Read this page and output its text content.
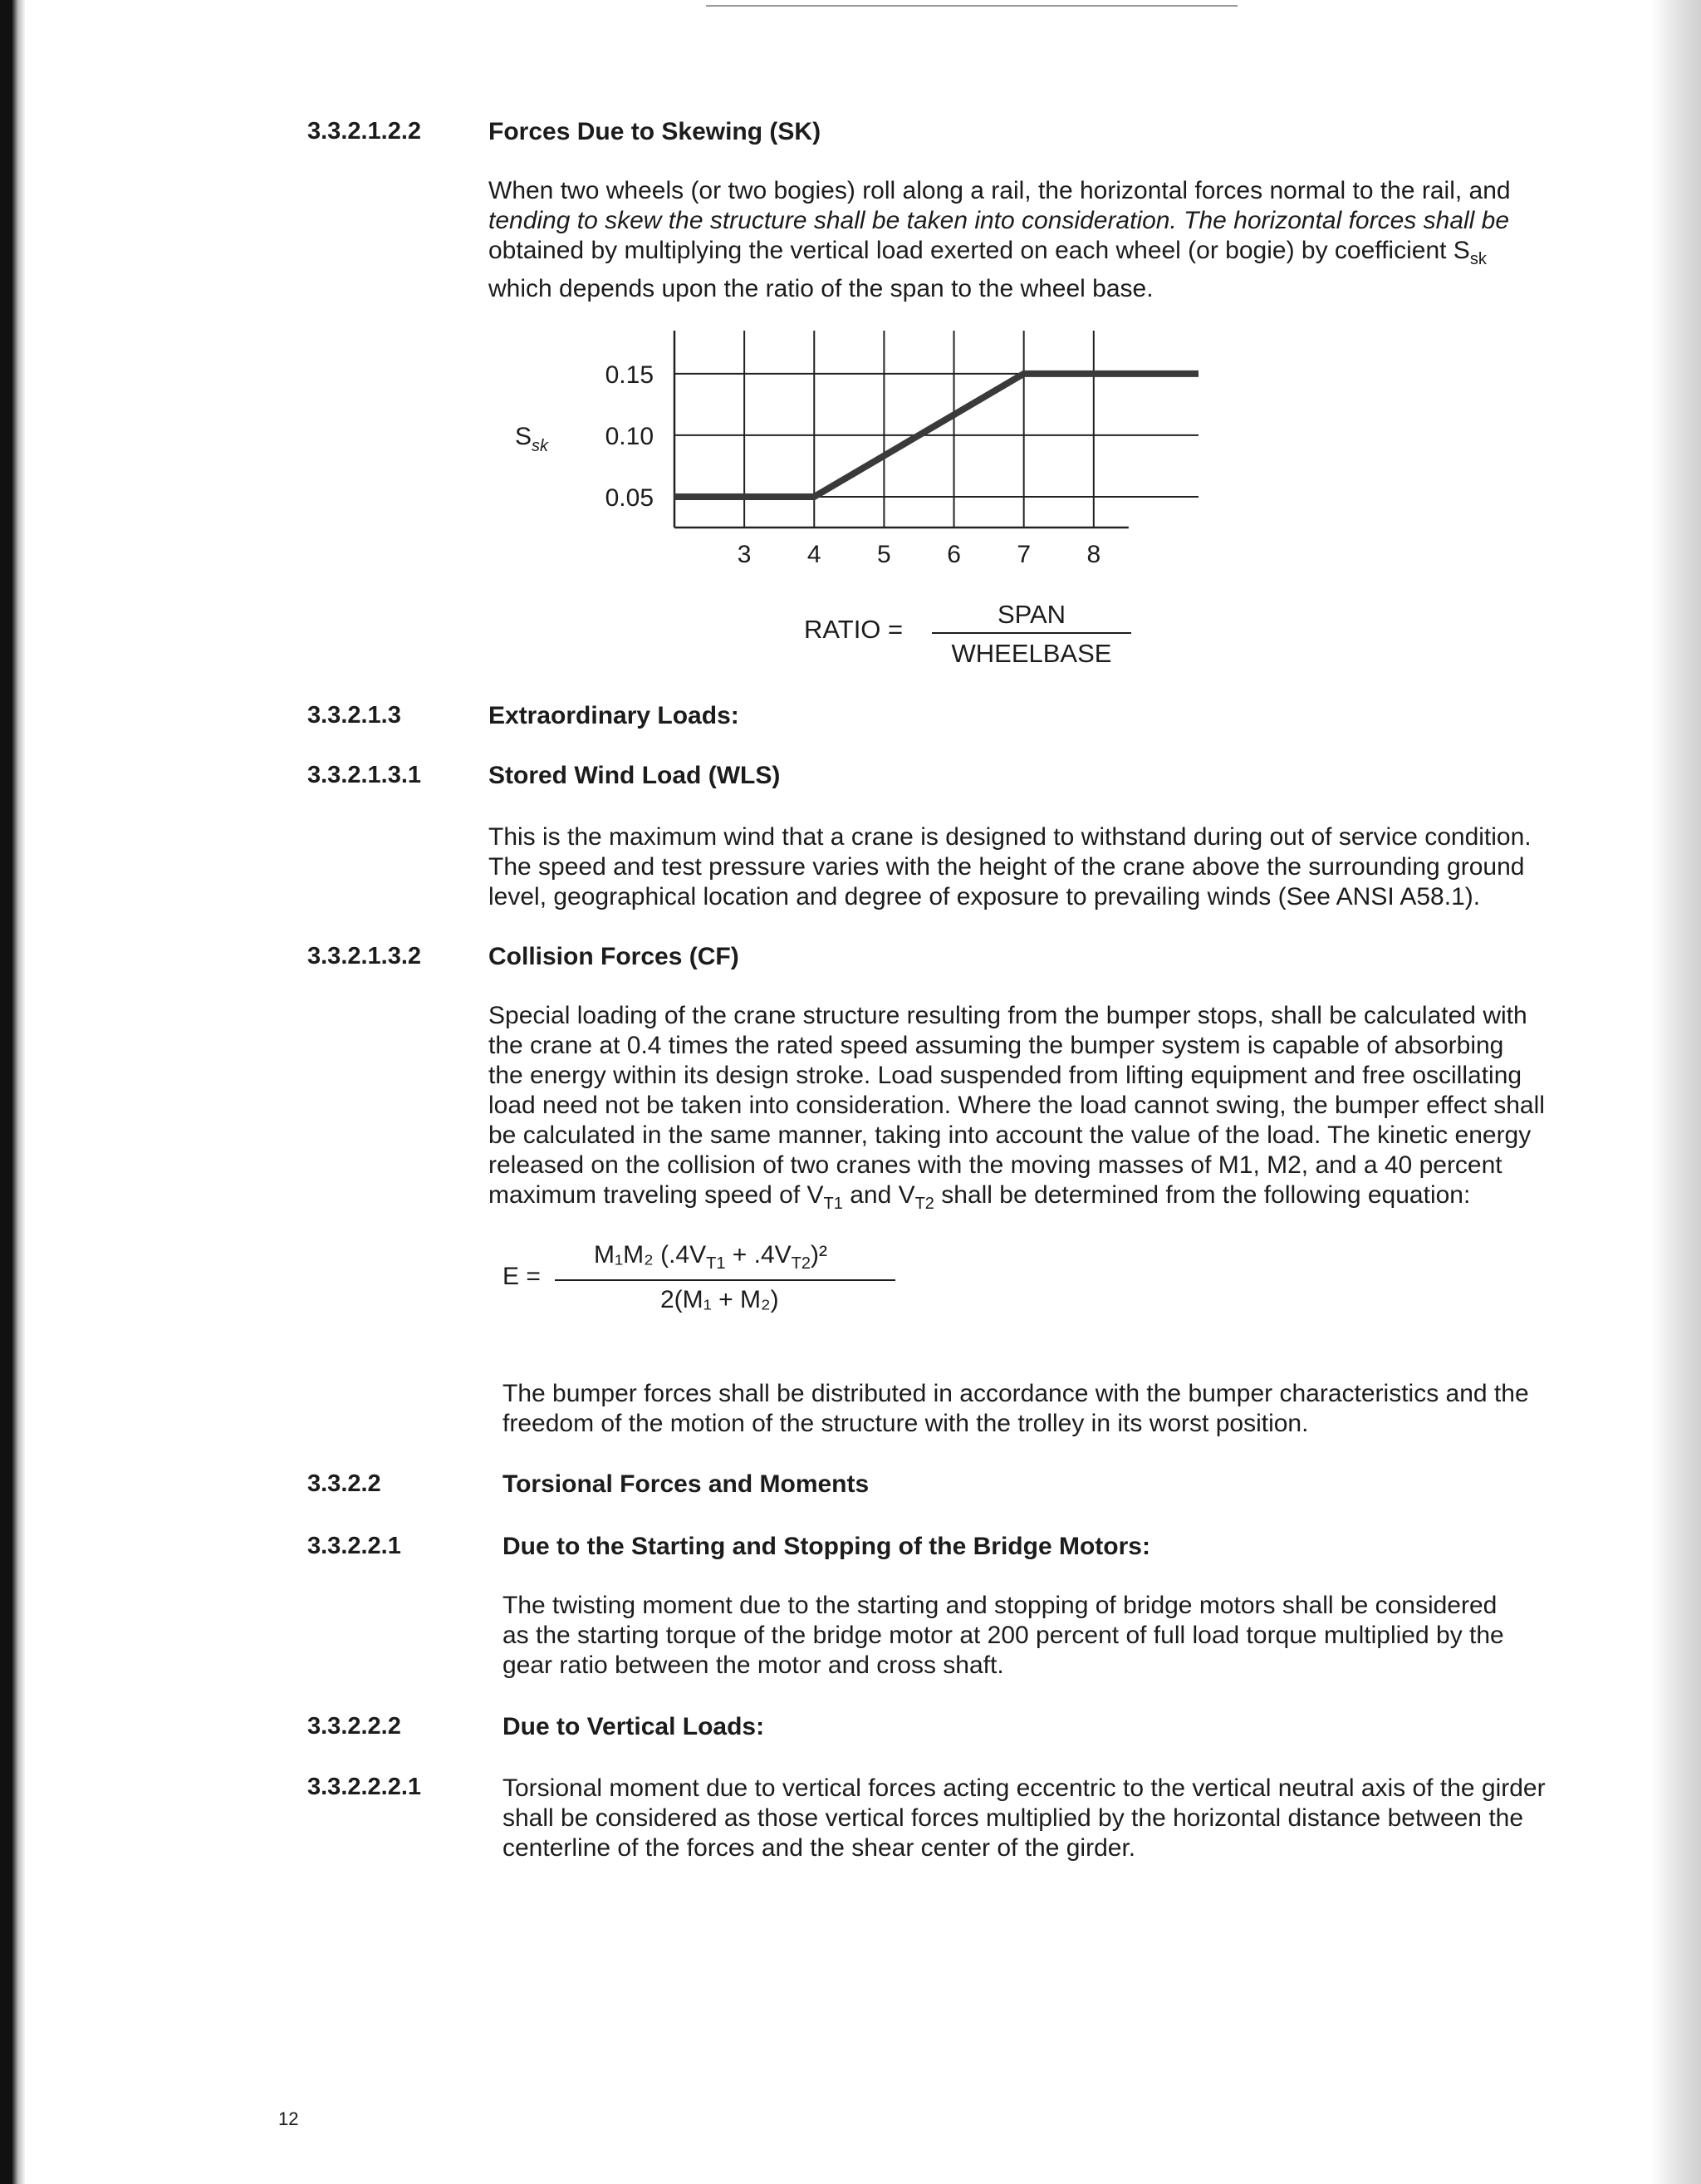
3.3.2.1.2.2	Forces Due to Skewing (SK)
When two wheels (or two bogies) roll along a rail, the horizontal forces normal to the rail, and
tending to skew the structure shall be taken into consideration. The horizontal forces shall be
obtained by multiplying the vertical load exerted on each wheel (or bogie) by coefficient $S_{sk}$
which depends upon the ratio of the span to the wheel base.
$S_{sk}$
0.15
0.10
0.05
3 4 5 6 7 8
RATIO =
SPAN
WHEELBASE
3.3.2.1.3	Extraordinary Loads:
3.3.2.1.3.1	Stored Wind Load (WLS)
This is the maximum wind that a crane is designed to withstand during out of service condition.
The speed and test pressure varies with the height of the crane above the surrounding ground
level, geographical location and degree of exposure to prevailing winds (See ANSI A58.1).
3.3.2.1.3.2	Collision Forces (CF)
Special loading of the crane structure resulting from the bumper stops, shall be calculated with
the crane at 0.4 times the rated speed assuming the bumper system is capable of absorbing
the energy within its design stroke. Load suspended from lifting equipment and free oscillating
load need not be taken into consideration. Where the load cannot swing, the bumper effect shall
be calculated in the same manner, taking into account the value of the load. The kinetic energy
released on the collision of two cranes with the moving masses of M1, M2, and a 40 percent
maximum traveling speed of $V_{T1}$ and $V_{T2}$ shall be determined from the following equation:
E =
M₁M₂ $(.4V_{T1} + .4V_{T2})^2$
2(M₁ + M₂)
The bumper forces shall be distributed in accordance with the bumper characteristics and the
freedom of the motion of the structure with the trolley in its worst position.
3.3.2.2	Torsional Forces and Moments
3.3.2.2.1	Due to the Starting and Stopping of the Bridge Motors:
The twisting moment due to the starting and stopping of bridge motors shall be considered
as the starting torque of the bridge motor at 200 percent of full load torque multiplied by the
gear ratio between the motor and cross shaft.
3.3.2.2.2	Due to Vertical Loads:
3.3.2.2.2.1	Torsional moment due to vertical forces acting eccentric to the vertical neutral axis of the girder
shall be considered as those vertical forces multiplied by the horizontal distance between the
centerline of the forces and the shear center of the girder.
12
